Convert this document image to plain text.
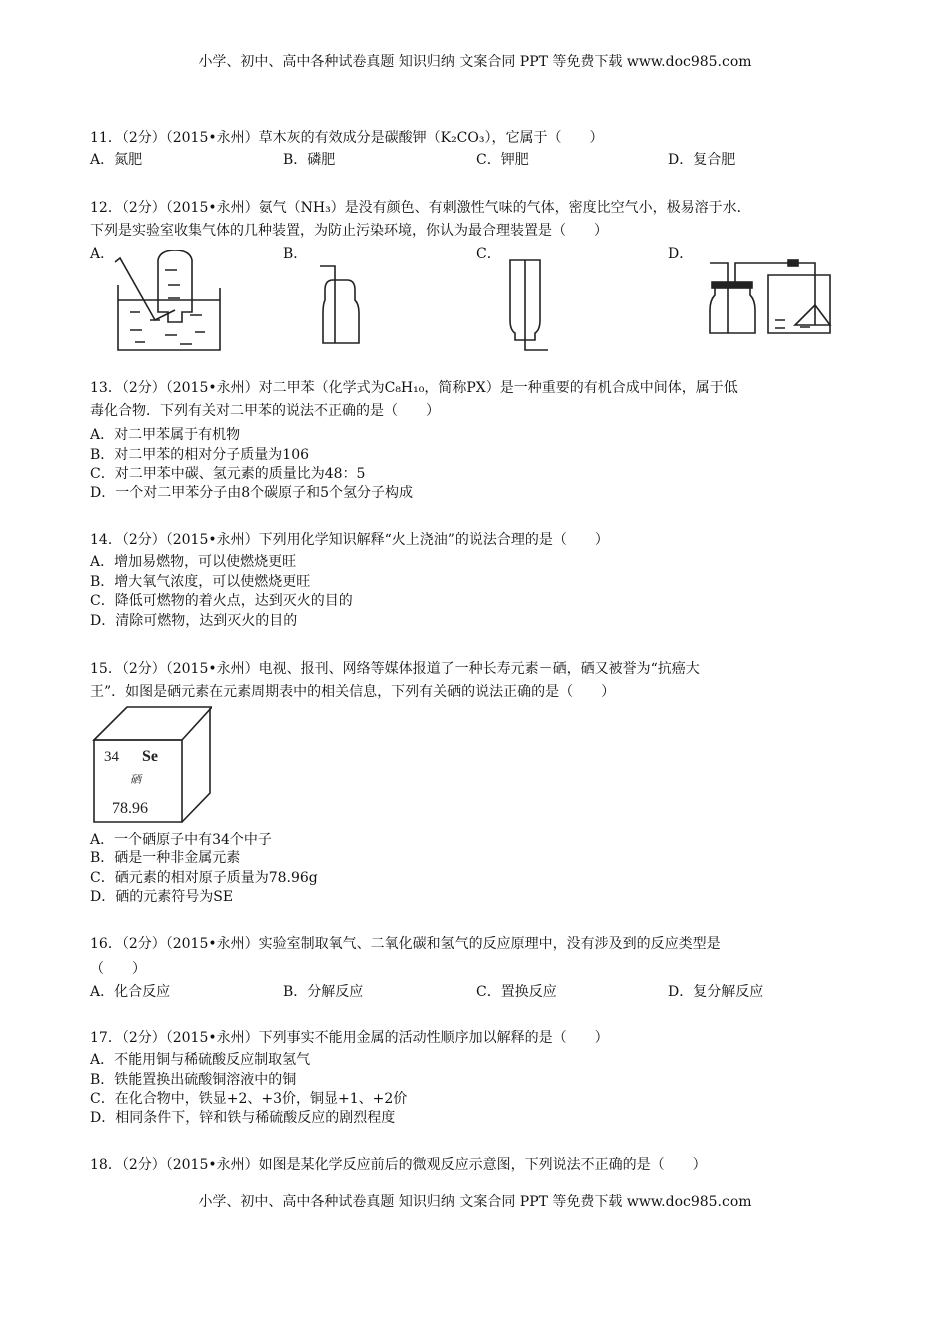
小学、初中、高中各种试卷真题 知识归纳 文案合同 PPT 等免费下载 www.doc985.com
11．（2分）（2015•永州）草木灰的有效成分是碳酸钾（K₂CO₃），它属于（　　）
A．氮肥	B．磷肥	C．钾肥	D．复合肥
12．（2分）（2015•永州）氨气（NH₃）是没有颜色、有刺激性气味的气体，密度比空气小，极易溶于水．
下列是实验室收集气体的几种装置，为防止污染环境，你认为最合理装置是（　　）
A．	B．	C．	D．
13．（2分）（2015•永州）对二甲苯（化学式为C₈H₁₀，简称PX）是一种重要的有机合成中间体，属于低
毒化合物．下列有关对二甲苯的说法不正确的是（　　）
A．对二甲苯属于有机物
B．对二甲苯的相对分子质量为106
C．对二甲苯中碳、氢元素的质量比为48：5
D．一个对二甲苯分子由8个碳原子和5个氢分子构成
14．（2分）（2015•永州）下列用化学知识解释“火上浇油”的说法合理的是（　　）
A．增加易燃物，可以使燃烧更旺
B．增大氧气浓度，可以使燃烧更旺
C．降低可燃物的着火点，达到灭火的目的
D．清除可燃物，达到灭火的目的
15．（2分）（2015•永州）电视、报刊、网络等媒体报道了一种长寿元素－硒，硒又被誉为“抗癌大
王”．如图是硒元素在元素周期表中的相关信息，下列有关硒的说法正确的是（　　）
34 Se
硒
78.96
A．一个硒原子中有34个中子
B．硒是一种非金属元素
C．硒元素的相对原子质量为78.96g
D．硒的元素符号为SE
16．（2分）（2015•永州）实验室制取氧气、二氧化碳和氢气的反应原理中，没有涉及到的反应类型是
（　　）
A．化合反应	B．分解反应	C．置换反应	D．复分解反应
17．（2分）（2015•永州）下列事实不能用金属的活动性顺序加以解释的是（　　）
A．不能用铜与稀硫酸反应制取氢气
B．铁能置换出硫酸铜溶液中的铜
C．在化合物中，铁显+2、+3价，铜显+1、+2价
D．相同条件下，锌和铁与稀硫酸反应的剧烈程度
18．（2分）（2015•永州）如图是某化学反应前后的微观反应示意图，下列说法不正确的是（　　）
小学、初中、高中各种试卷真题 知识归纳 文案合同 PPT 等免费下载 www.doc985.com
